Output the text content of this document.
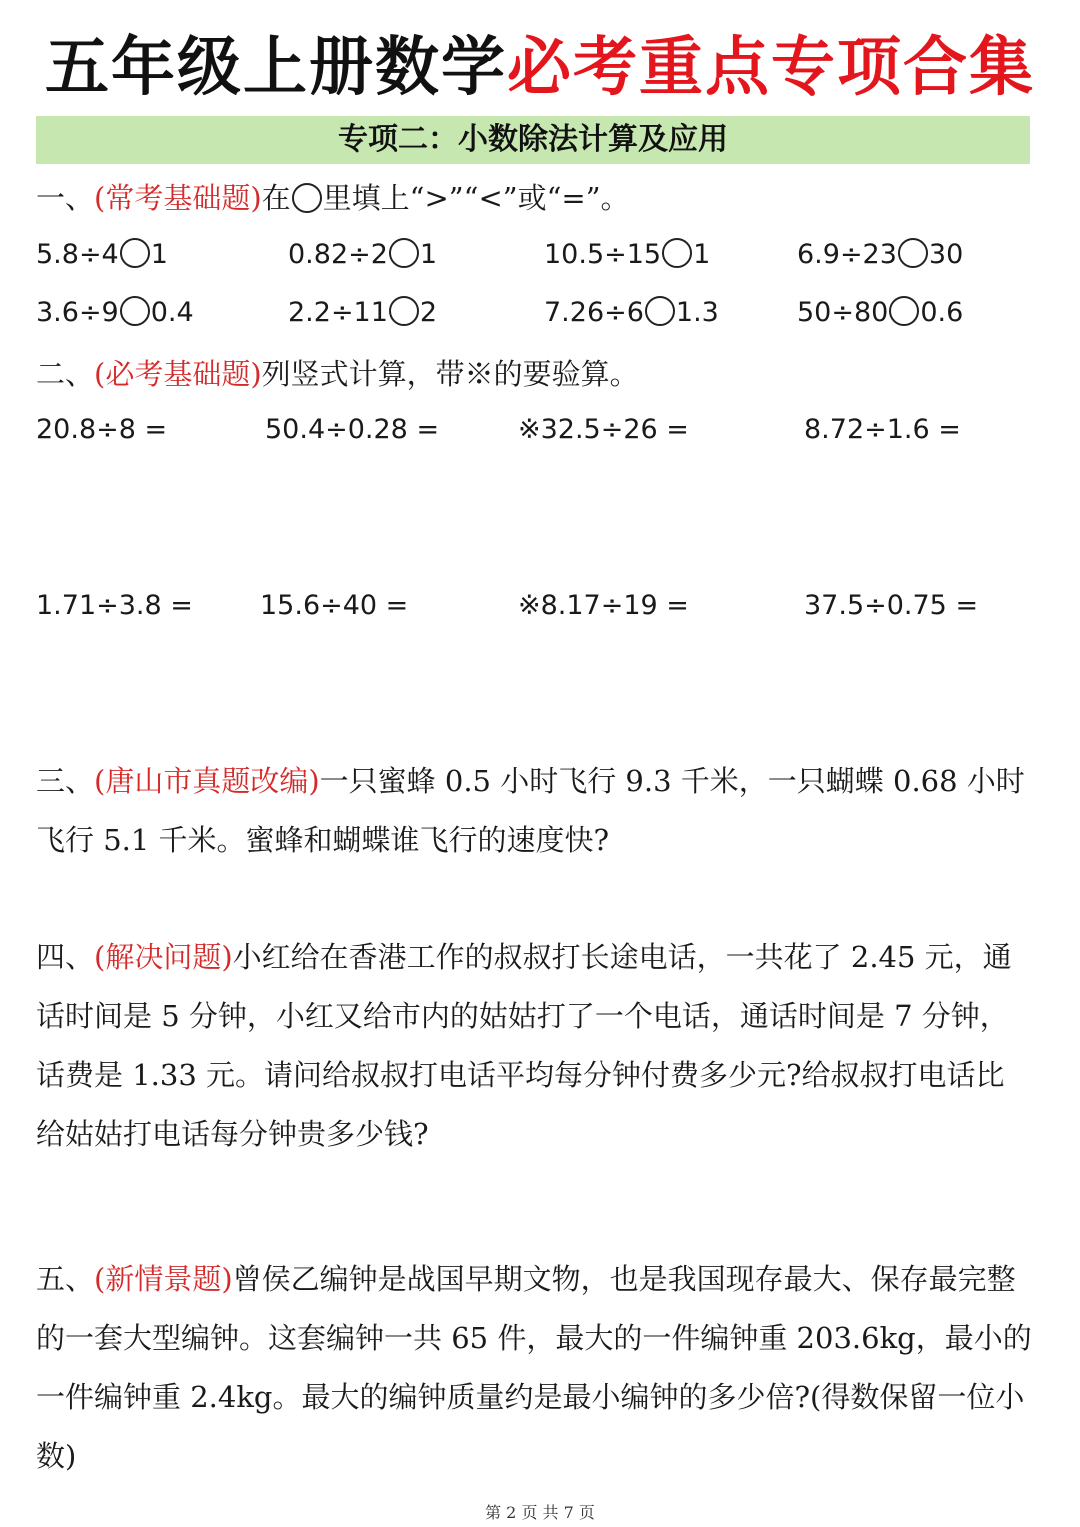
五年级上册数学必考重点专项合集
专项二：小数除法计算及应用
一、(常考基础题)在 里填上“>”“<”或“=”。
5.8÷4 1	0.82÷2 1	10.5÷15 1	6.9÷23 30
3.6÷9 0.4	2.2÷11 2	7.26÷6 1.3	50÷80 0.6
二、(必考基础题)列竖式计算，带※的要验算。
20.8÷8 =	50.4÷0.28 =	※32.5÷26 =	8.72÷1.6 =
1.71÷3.8 = 15.6÷40 =	※8.17÷19 =	37.5÷0.75 =
三、(唐山市真题改编)一只蜜蜂 0.5 小时飞行 9.3 千米，一只蝴蝶 0.68 小时飞行 5.1 千米。蜜蜂和蝴蝶谁飞行的速度快?
四、(解决问题)小红给在香港工作的叔叔打长途电话，一共花了 2.45 元，通话时间是 5 分钟，小红又给市内的姑姑打了一个电话，通话时间是 7 分钟，话费是 1.33 元。请问给叔叔打电话平均每分钟付费多少元?给叔叔打电话比给姑姑打电话每分钟贵多少钱?
五、(新情景题)曾侯乙编钟是战国早期文物，也是我国现存最大、保存最完整的一套大型编钟。这套编钟一共 65 件，最大的一件编钟重 203.6kg，最小的一件编钟重 2.4kg。最大的编钟质量约是最小编钟的多少倍?(得数保留一位小数)
第 2 页 共 7 页
